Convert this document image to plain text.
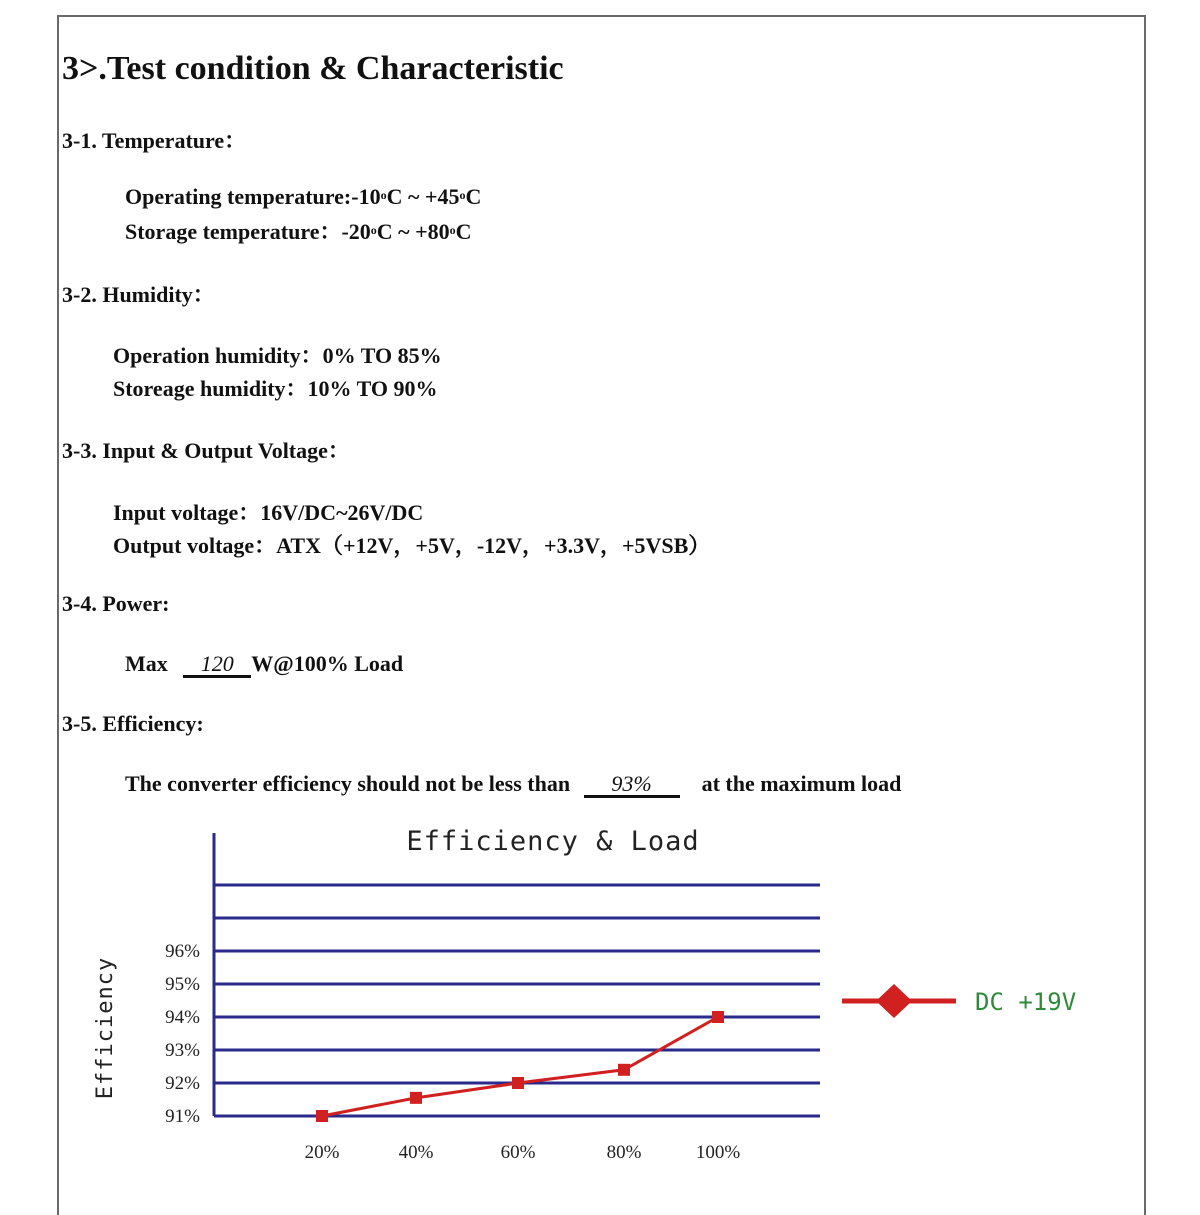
3>.Test condition & Characteristic
3-1. Temperature：
Operating temperature:-10$^o$C ~ $+45^oC$
Storage temperature：-20$^o$C ~ $+80^oC$
3-2. Humidity：
Operation humidity：0% TO 85%
Storeage humidity：10% TO 90%
3-3. Input & Output Voltage：
Input voltage：16V/DC~26V/DC
Output voltage：ATX（+12V，+5V，-12V，+3.3V，+5VSB）
3-4. Power:
Max 120 W@100% Load
3-5. Efficiency:
The converter efficiency should not be less than 93% at the maximum load
Efficiency & Load
Efficiency
91%
92%
93%
94%
95%
96%
20%	40%	60%	80%	100%
DC +19V
